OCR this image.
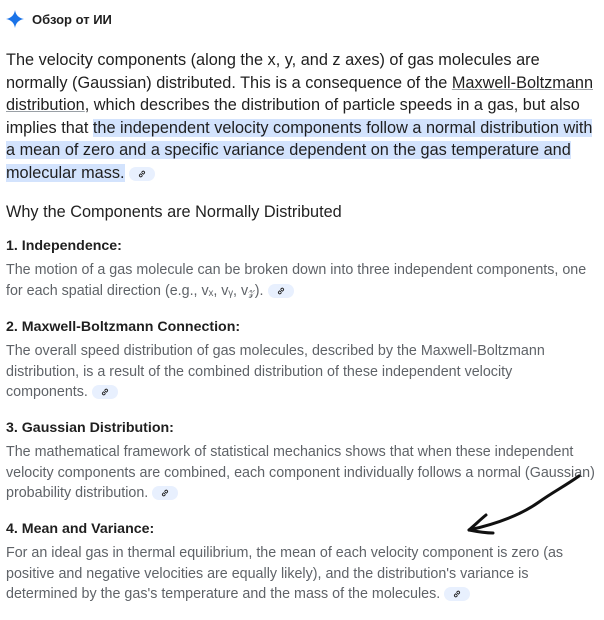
Обзор от ИИ
The velocity components (along the x, y, and z axes) of gas molecules are normally (Gaussian) distributed. This is a consequence of the Maxwell-Boltzmann distribution, which describes the distribution of particle speeds in a gas, but also implies that the independent velocity components follow a normal distribution with a mean of zero and a specific variance dependent on the gas temperature and molecular mass.
Why the Components are Normally Distributed
1. Independence:
The motion of a gas molecule can be broken down into three independent components, one for each spatial direction (e.g., vₓ, vᵧ, v𝓏).
2. Maxwell-Boltzmann Connection:
The overall speed distribution of gas molecules, described by the Maxwell-Boltzmann distribution, is a result of the combined distribution of these independent velocity components.
3. Gaussian Distribution:
The mathematical framework of statistical mechanics shows that when these independent velocity components are combined, each component individually follows a normal (Gaussian) probability distribution.
4. Mean and Variance:
For an ideal gas in thermal equilibrium, the mean of each velocity component is zero (as positive and negative velocities are equally likely), and the distribution's variance is determined by the gas's temperature and the mass of the molecules.
